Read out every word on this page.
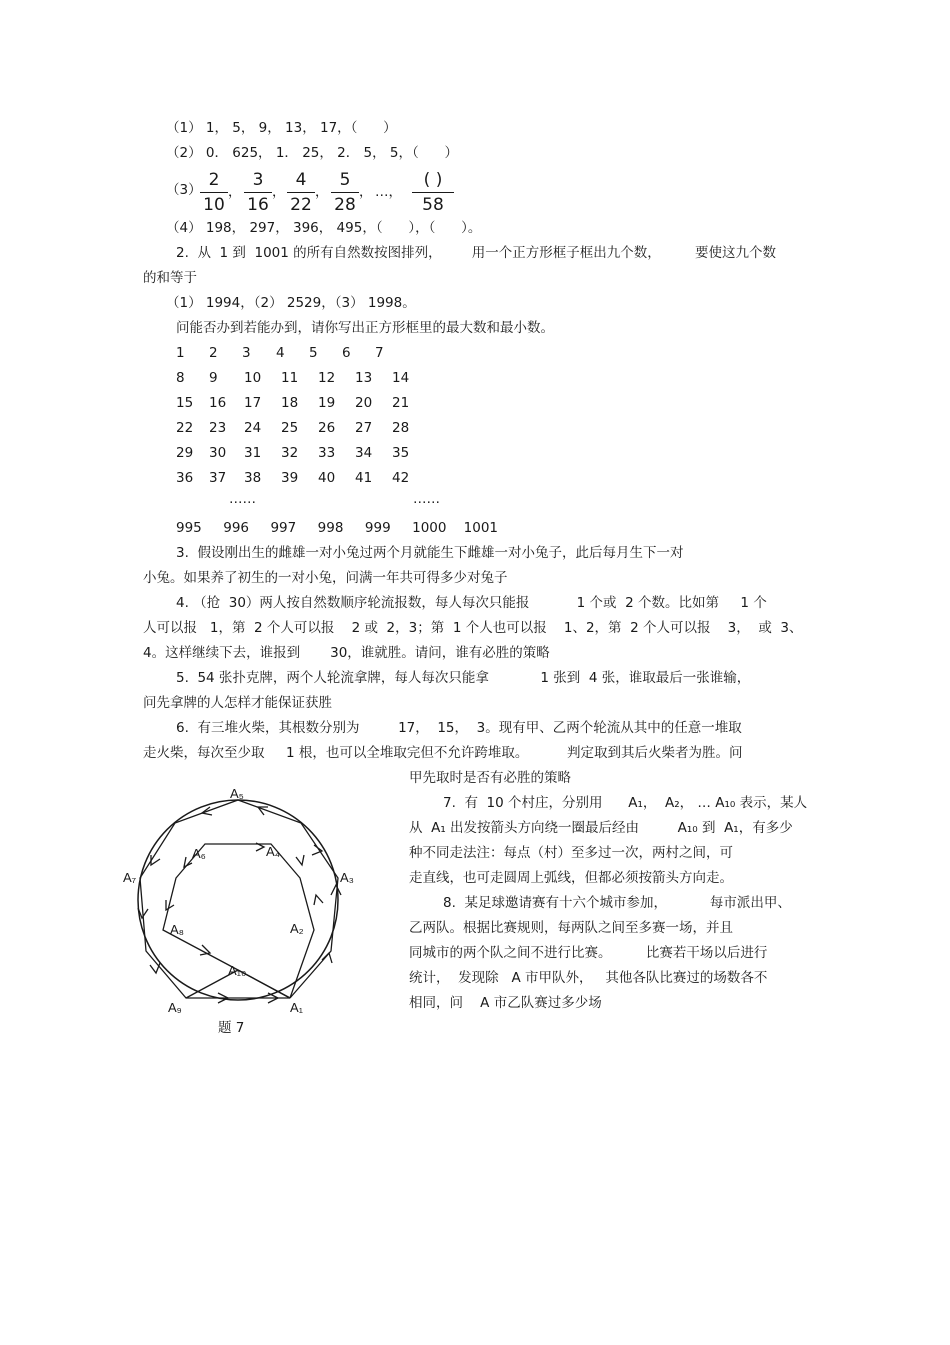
（1） 1， 5， 9， 13， 17，（      ）
（2） 0． 625， 1． 25， 2． 5， 5，（      ）
（3） 2
10
，
3
16
，
4
22
，
5
28
， …，
( )
58
（4） 198， 297， 396， 495，（      ），（      ）。
2.  从  1 到  1001 的所有自然数按图排列，       用一个正方形框子框出九个数，        要使这九个数
的和等于
（1） 1994，（2） 2529，（3） 1998。
问能否办到若能办到，请你写出正方形框里的最大数和最小数。
1 2 3 4 5 6 7
8 9 10 11 12 13 14
15 16 17 18 19 20 21
22 23 24 25 26 27 28
29 30 31 32 33 34 35
36 37 38 39 40 41 42
……	……
995     996     997     998     999     1000    1001
3.  假设刚出生的雌雄一对小兔过两个月就能生下雌雄一对小兔子，此后每月生下一对
小兔。如果养了初生的一对小兔，问满一年共可得多少对兔子
4. （抢  30）两人按自然数顺序轮流报数，每人每次只能报           1 个或  2 个数。比如第     1 个
人可以报   1，第  2 个人可以报    2 或  2，3；第  1 个人也可以报    1、2，第  2 个人可以报    3，  或  3、
4。这样继续下去，谁报到       30，谁就胜。请问，谁有必胜的策略
5.  54 张扑克牌，两个人轮流拿牌，每人每次只能拿            1 张到  4 张，谁取最后一张谁输，
问先拿牌的人怎样才能保证获胜
6.  有三堆火柴，其根数分别为         17，  15，  3。现有甲、乙两个轮流从其中的任意一堆取
走火柴，每次至少取     1 根，也可以全堆取完但不允许跨堆取。         判定取到其后火柴者为胜。问
甲先取时是否有必胜的策略
7.  有  10 个村庄，分别用      A₁，  A₂， … A₁₀ 表示，某人
从  A₁ 出发按箭头方向绕一圈最后经由         A₁₀ 到  A₁，有多少
种不同走法注：每点（村）至多过一次，两村之间，可
走直线，也可走圆周上弧线，但都必须按箭头方向走。
8.  某足球邀请赛有十六个城市参加，          每市派出甲、
乙两队。根据比赛规则，每两队之间至多赛一场，并且
同城市的两个队之间不进行比赛。        比赛若干场以后进行
统计，  发现除   A 市甲队外，   其他各队比赛过的场数各不
相同，问    A 市乙队赛过多少场
A₅
A₆	A₄
A₇	A₃
A₈	A₂
A₁₀
A₉	A₁
题 7
